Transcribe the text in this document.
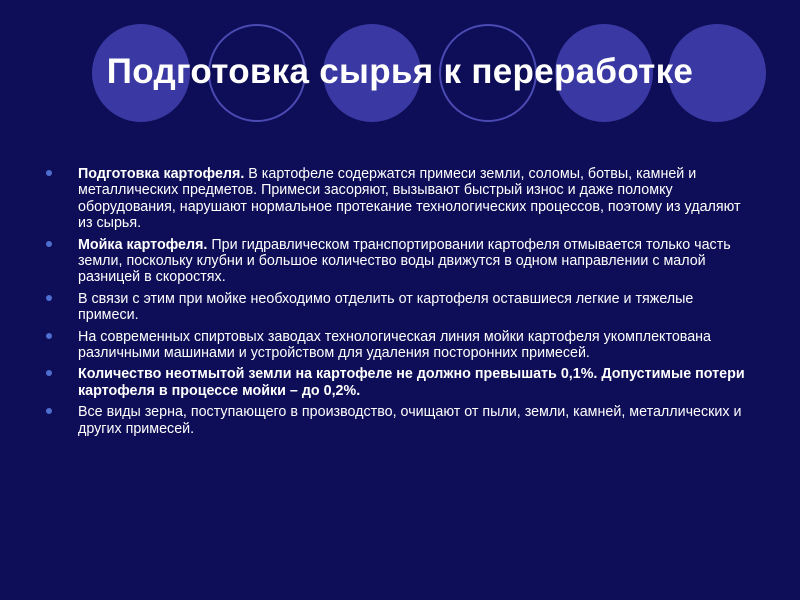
Подготовка сырья к переработке
Подготовка картофеля. В картофеле содержатся примеси земли, соломы, ботвы, камней и металлических предметов. Примеси засоряют, вызывают быстрый износ и даже поломку оборудования, нарушают нормальное протекание технологических процессов, поэтому из удаляют из сырья.
Мойка картофеля. При гидравлическом транспортировании картофеля отмывается только часть земли, поскольку клубни и большое количество воды движутся в одном направлении с малой разницей в скоростях.
В связи с этим при мойке необходимо отделить от картофеля оставшиеся легкие и тяжелые примеси.
На современных спиртовых заводах технологическая линия мойки картофеля укомплектована различными машинами и устройством для удаления посторонних примесей.
Количество неотмытой земли на картофеле не должно превышать 0,1%. Допустимые потери картофеля в процессе мойки – до 0,2%.
Все виды зерна, поступающего в производство, очищают от пыли, земли, камней, металлических и других примесей.
